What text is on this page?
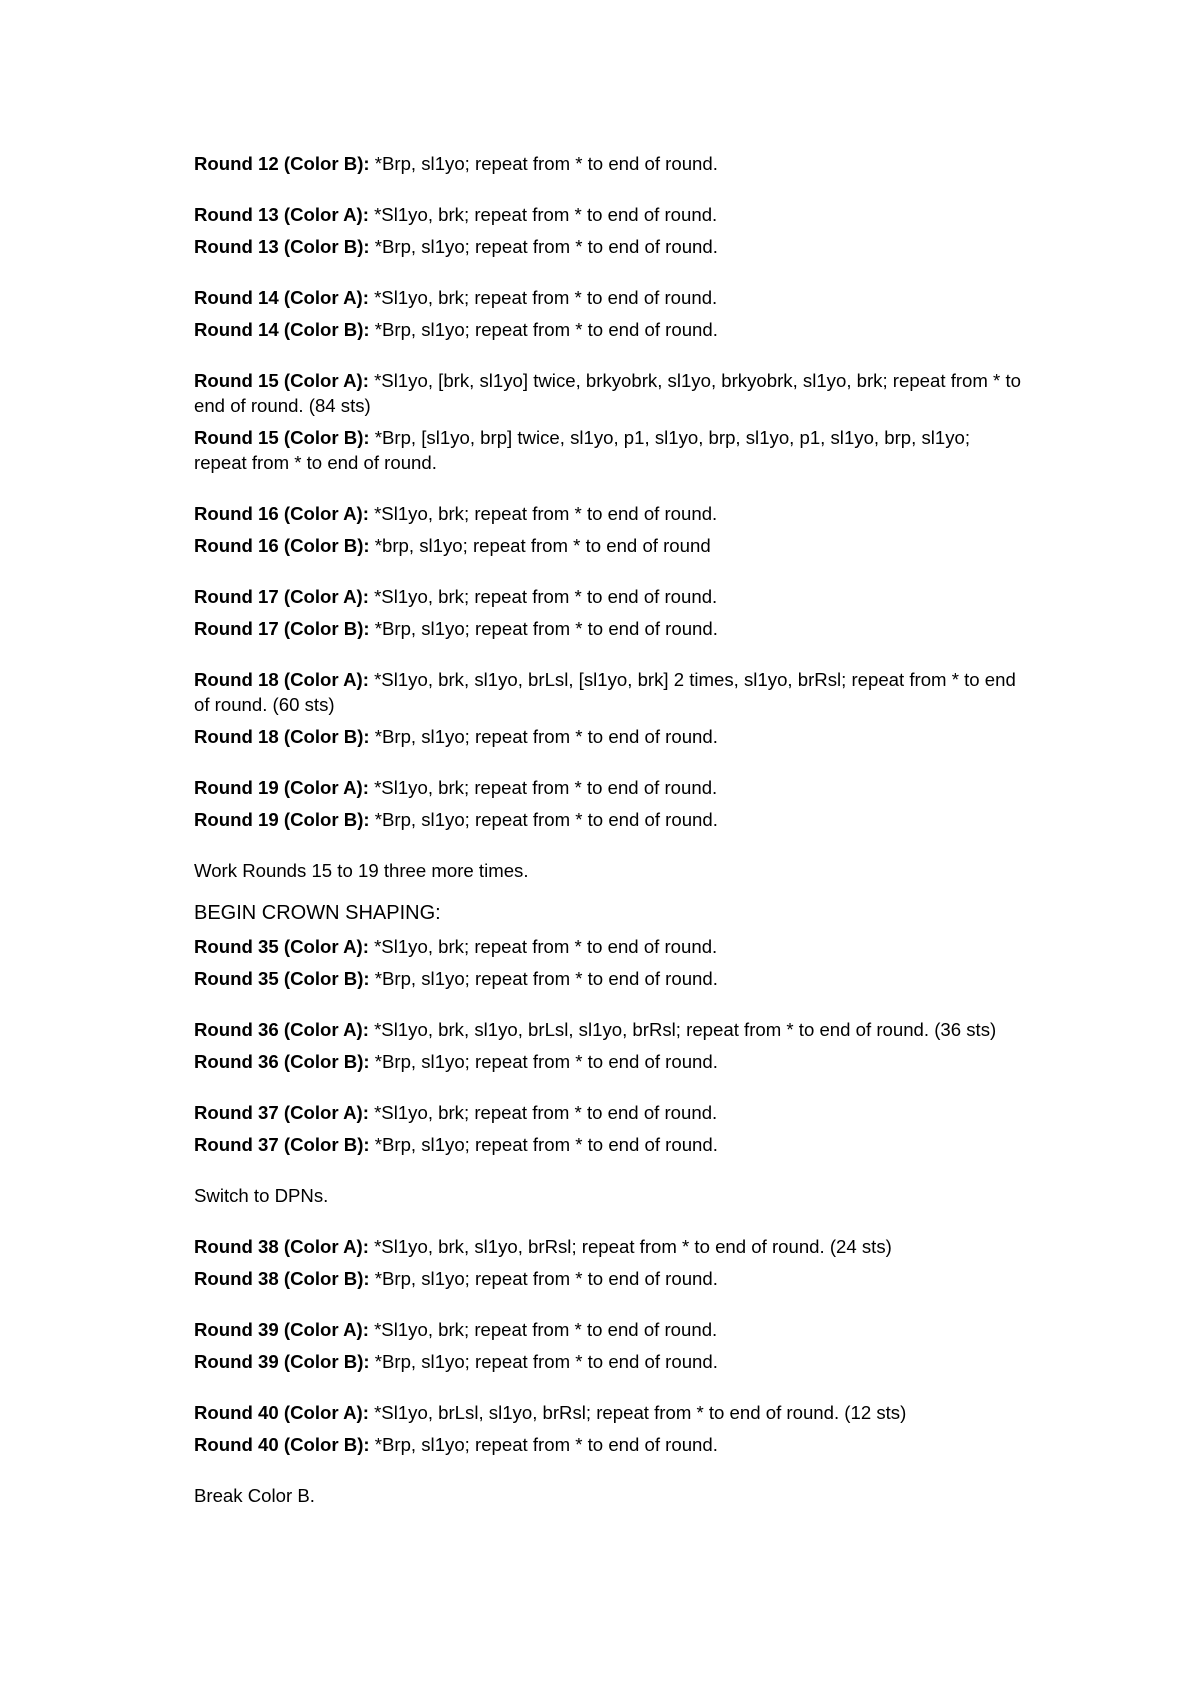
Round 12 (Color B): *Brp, sl1yo; repeat from * to end of round.

Round 13 (Color A): *Sl1yo, brk; repeat from * to end of round.

Round 13 (Color B): *Brp, sl1yo; repeat from * to end of round.

Round 14 (Color A): *Sl1yo, brk; repeat from * to end of round.

Round 14 (Color B): *Brp, sl1yo; repeat from * to end of round.

Round 15 (Color A): *Sl1yo, [brk, sl1yo] twice, brkyobrk, sl1yo, brkyobrk, sl1yo, brk; repeat from * to end of round. (84 sts)

Round 15 (Color B): *Brp, [sl1yo, brp] twice, sl1yo, p1, sl1yo, brp, sl1yo, p1, sl1yo, brp, sl1yo; repeat from * to end of round.

Round 16 (Color A): *Sl1yo, brk; repeat from * to end of round.

Round 16 (Color B): *brp, sl1yo; repeat from * to end of round

Round 17 (Color A): *Sl1yo, brk; repeat from * to end of round.

Round 17 (Color B): *Brp, sl1yo; repeat from * to end of round.

Round 18 (Color A): *Sl1yo, brk, sl1yo, brLsl, [sl1yo, brk] 2 times, sl1yo, brRsl; repeat from * to end of round. (60 sts)

Round 18 (Color B): *Brp, sl1yo; repeat from * to end of round.

Round 19 (Color A): *Sl1yo, brk; repeat from * to end of round.

Round 19 (Color B): *Brp, sl1yo; repeat from * to end of round.

Work Rounds 15 to 19 three more times.

BEGIN CROWN SHAPING:

Round 35 (Color A): *Sl1yo, brk; repeat from * to end of round.

Round 35 (Color B): *Brp, sl1yo; repeat from * to end of round.

Round 36 (Color A): *Sl1yo, brk, sl1yo, brLsl, sl1yo, brRsl; repeat from * to end of round. (36 sts)

Round 36 (Color B): *Brp, sl1yo; repeat from * to end of round.

Round 37 (Color A): *Sl1yo, brk; repeat from * to end of round.

Round 37 (Color B): *Brp, sl1yo; repeat from * to end of round.

Switch to DPNs.

Round 38 (Color A): *Sl1yo, brk, sl1yo, brRsl; repeat from * to end of round. (24 sts)

Round 38 (Color B): *Brp, sl1yo; repeat from * to end of round.

Round 39 (Color A): *Sl1yo, brk; repeat from * to end of round.

Round 39 (Color B): *Brp, sl1yo; repeat from * to end of round.

Round 40 (Color A): *Sl1yo, brLsl, sl1yo, brRsl; repeat from * to end of round. (12 sts)

Round 40 (Color B): *Brp, sl1yo; repeat from * to end of round.

Break Color B.
